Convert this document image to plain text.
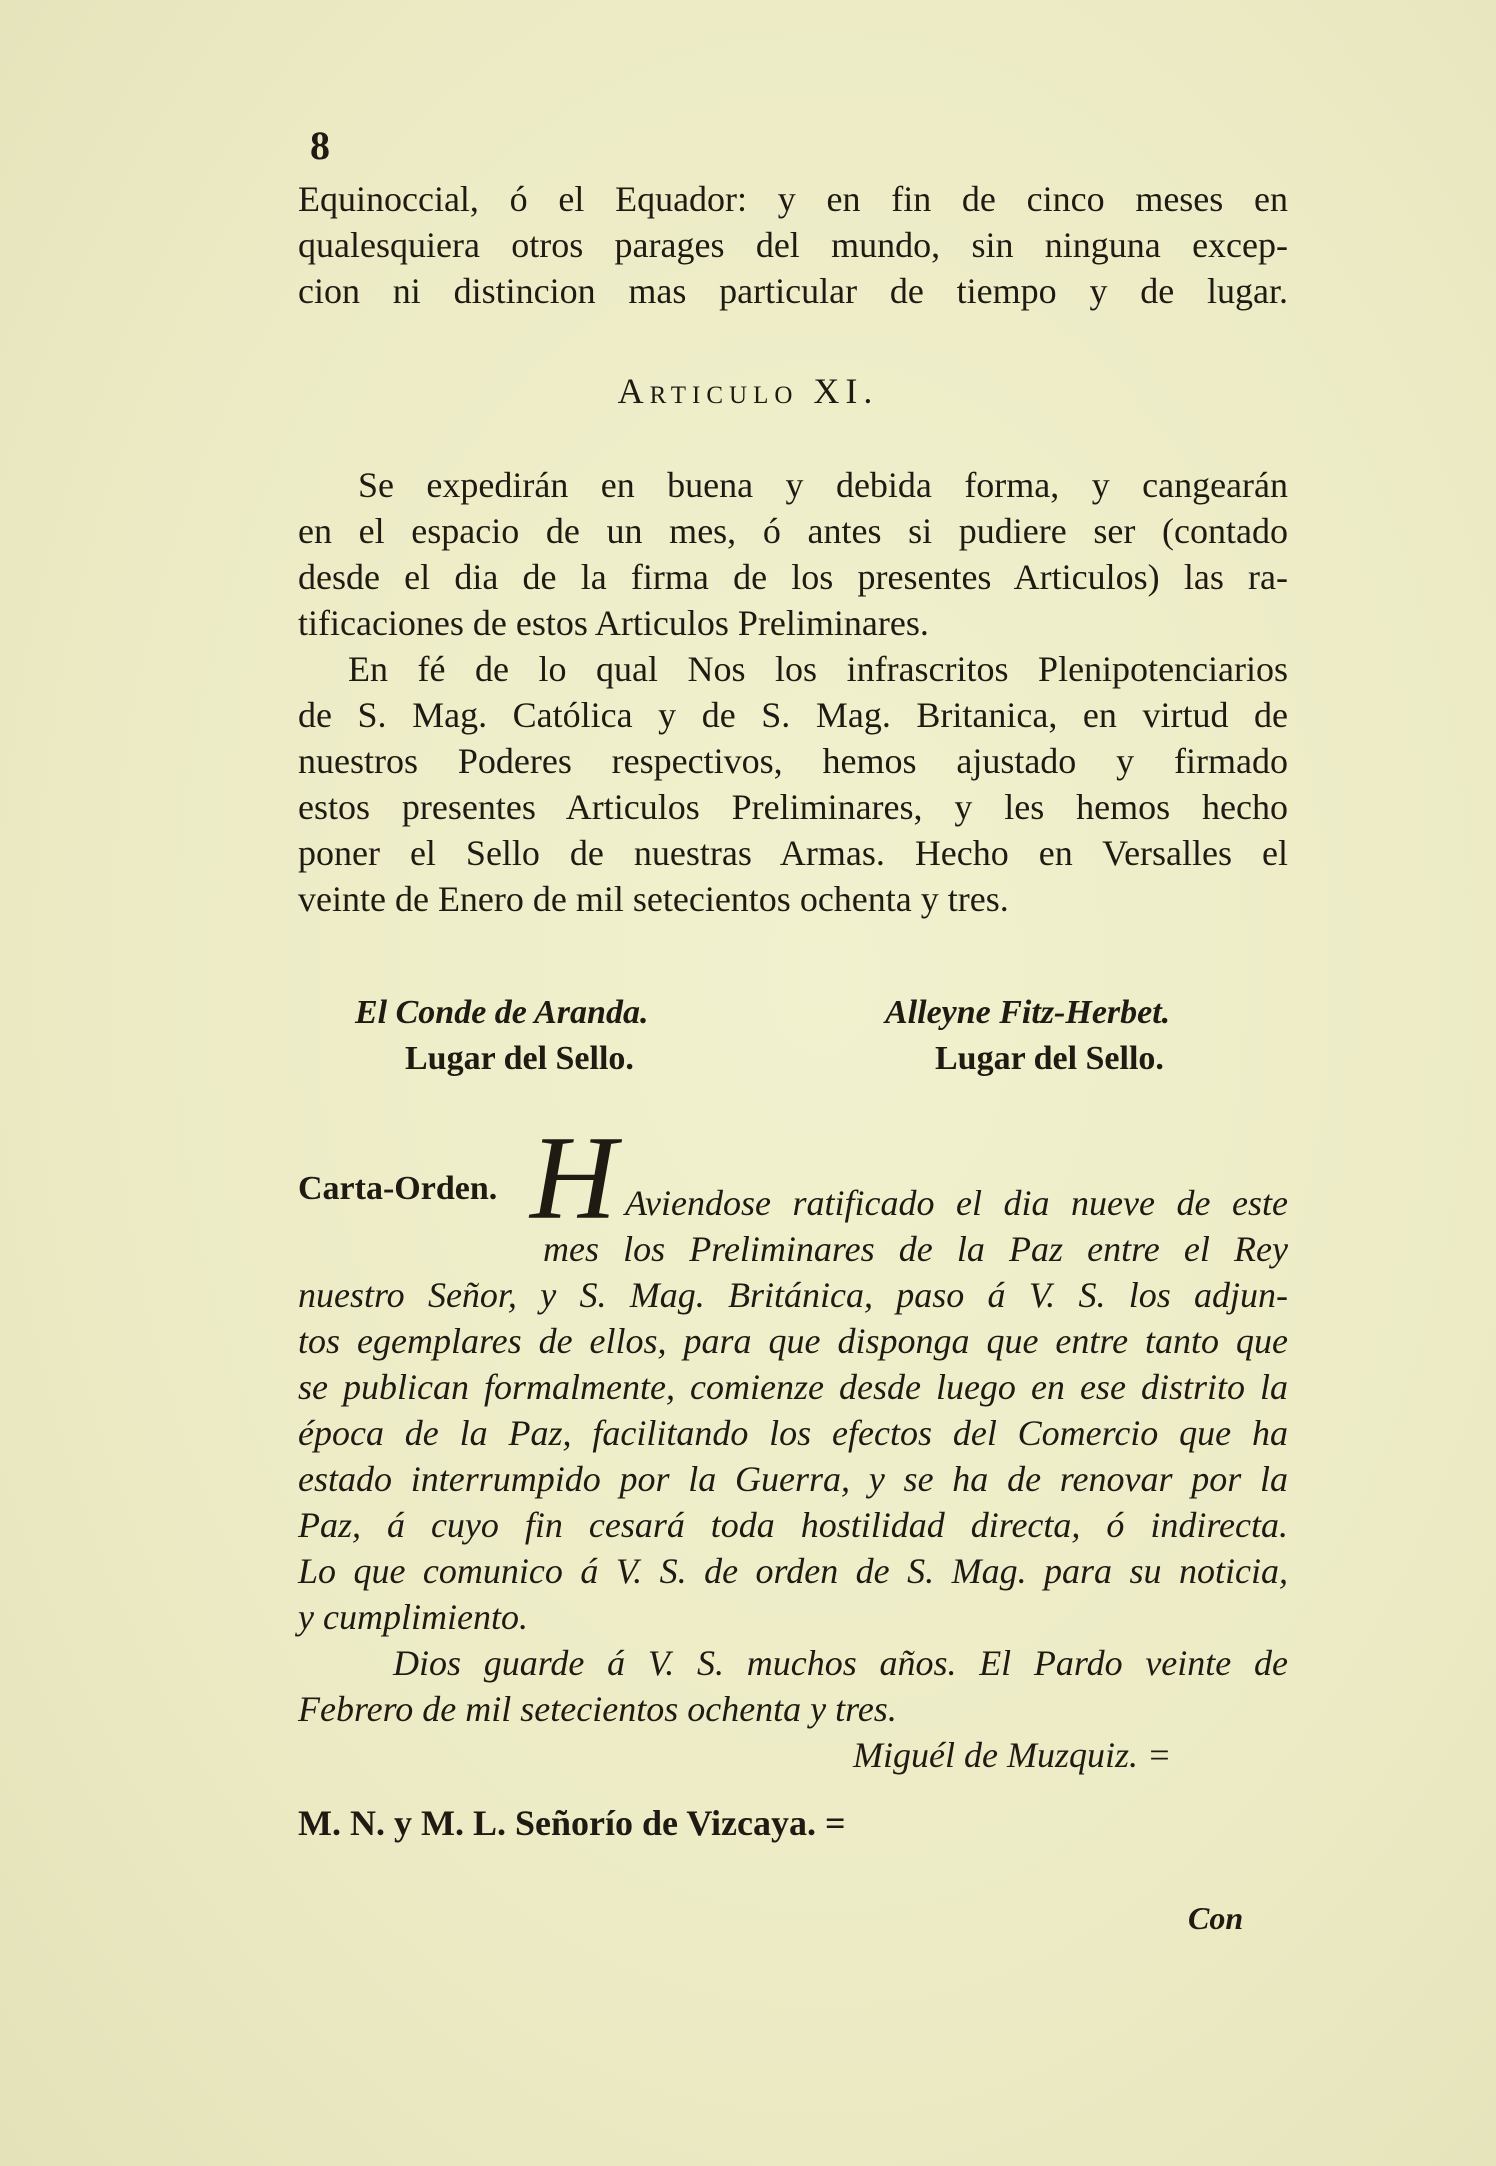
8
Equinoccial, ó el Equador: y en fin de cinco meses en
qualesquiera otros parages del mundo, sin ninguna excep-
cion ni distincion mas particular de tiempo y de lugar.
Articulo XI.
Se expedirán en buena y debida forma, y cangearán
en el espacio de un mes, ó antes si pudiere ser (contado
desde el dia de la firma de los presentes Articulos) las ra-
tificaciones de estos Articulos Preliminares.
En fé de lo qual Nos los infrascritos Plenipotenciarios
de S. Mag. Católica y de S. Mag. Britanica, en virtud de
nuestros Poderes respectivos, hemos ajustado y firmado
estos presentes Articulos Preliminares, y les hemos hecho
poner el Sello de nuestras Armas. Hecho en Versalles el
veinte de Enero de mil setecientos ochenta y tres.
El Conde de Aranda.
Lugar del Sello.
Alleyne Fitz-Herbet.
Lugar del Sello.
Carta-Orden. H Aviendose ratificado el dia nueve de este
mes los Preliminares de la Paz entre el Rey
nuestro Señor, y S. Mag. Británica, paso á V. S. los adjun-
tos egemplares de ellos, para que disponga que entre tanto que
se publican formalmente, comienze desde luego en ese distrito la
época de la Paz, facilitando los efectos del Comercio que ha
estado interrumpido por la Guerra, y se ha de renovar por la
Paz, á cuyo fin cesará toda hostilidad directa, ó indirecta.
Lo que comunico á V. S. de orden de S. Mag. para su noticia,
y cumplimiento.
Dios guarde á V. S. muchos años. El Pardo veinte de
Febrero de mil setecientos ochenta y tres.
Miguél de Muzquiz. =
M. N. y M. L. Señorío de Vizcaya. =
Con
